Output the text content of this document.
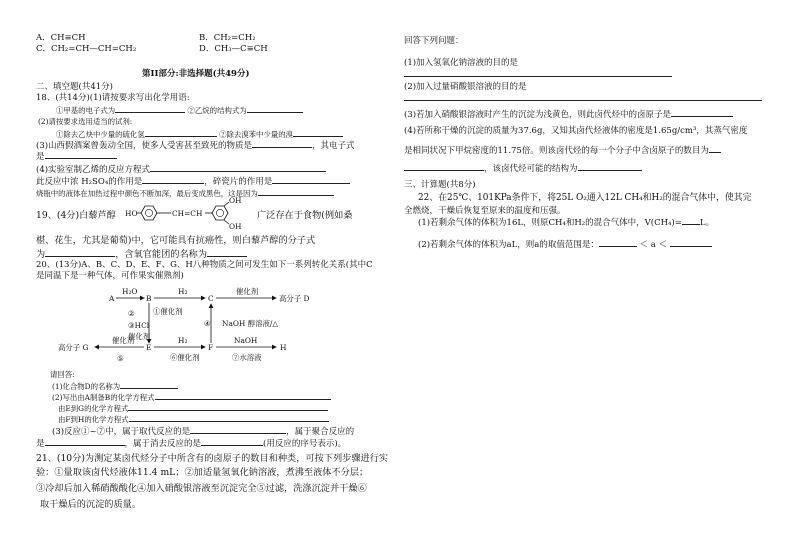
A．CH≡CH	B．CH₂=CH₂
C．CH₂=CH—CH=CH₂	D．CH₃—C≡CH
第II部分:非选择题(共49分)
二、填空题(共41分)
18、(共14分)(1)请按要求写出化学用语:
①甲基的电子式为	②乙烷的结构式为
(2)请按要求选用适当的试剂:
①除去乙炔中少量的硫化氢	②除去溴苯中少量的溴
(3)山西假酒案曾轰动全国，使多人受害甚至致死的物质是	，其电子式
是
(4)实验室制乙烯的反应方程式
此反应中浓 H₂SO₄的作用是	，碎瓷片的作用是
烧瓶中的液体在加热过程中颜色不断加深，最后变成黑色，这是因为
19、(4分)白藜芦醇	广泛存在于食物(例如桑
椹、花生，尤其是葡萄)中，它可能具有抗癌性，则白藜芦醇的分子式
为	，含氧官能团的名称为
20、(13分)A、B、C、D、E、F、G、H八种物质之间可发生如下一系列转化关系(其中C
是同温下是一种气体，可作果实催熟剂)
HO	CH=CH
OH
OH
A
H₂O
B
H₂
C
催化剂
高分子 D
②
③HCl
催化剂
①催化剂
④ NaOH 醇溶液/△
高分子 G
催化剂
⑤
E
H₂
⑥催化剂
F
NaOH
⑦水溶液
H
请回答:
(1)化合物D的名称为
(2)写出由A制备B的化学方程式
由E到G的化学方程式
由F到H的化学方程式
(3)反应①~⑦中，属于取代反应的是	，属于聚合反应的
是	，属于消去反应的是	(用反应的序号表示)。
21、(10分)为测定某卤代烃分子中所含有的卤原子的数目和种类，可按下列步骤进行实
验：①量取该卤代烃液体11.4 mL；②加适量氢氧化钠溶液，煮沸至液体不分层；
③冷却后加入稀硝酸酸化④加入硝酸银溶液至沉淀完全⑤过滤，洗涤沉淀并干燥⑥
取干燥后的沉淀的质量。
回答下列问题：
(1)加入氢氧化钠溶液的目的是
(2)加入过量硝酸银溶液的目的是
(3)若加入硝酸银溶液时产生的沉淀为浅黄色，则此卤代烃中的卤原子是
(4)若所称干燥的沉淀的质量为37.6g，又知其卤代烃液体的密度是1.65g/cm³，其蒸气密度
是相同状况下甲烷密度的11.75倍。则该卤代烃的每一个分子中含卤原子的数目为
，该卤代烃可能的结构为
三、计算题(共8分)
22、在25℃、101KPa条件下，将25L O₂通入12L CH₄和H₂的混合气体中，使其完
全燃烧，干燥后恢复至原来的温度和压强。
(1)若剩余气体的体积为16L，则原CH₄和H₂的混合气体中，V(CH₄)= L。
(2)若剩余气体的体积为aL，则a的取值范围是：	＜ a ＜
